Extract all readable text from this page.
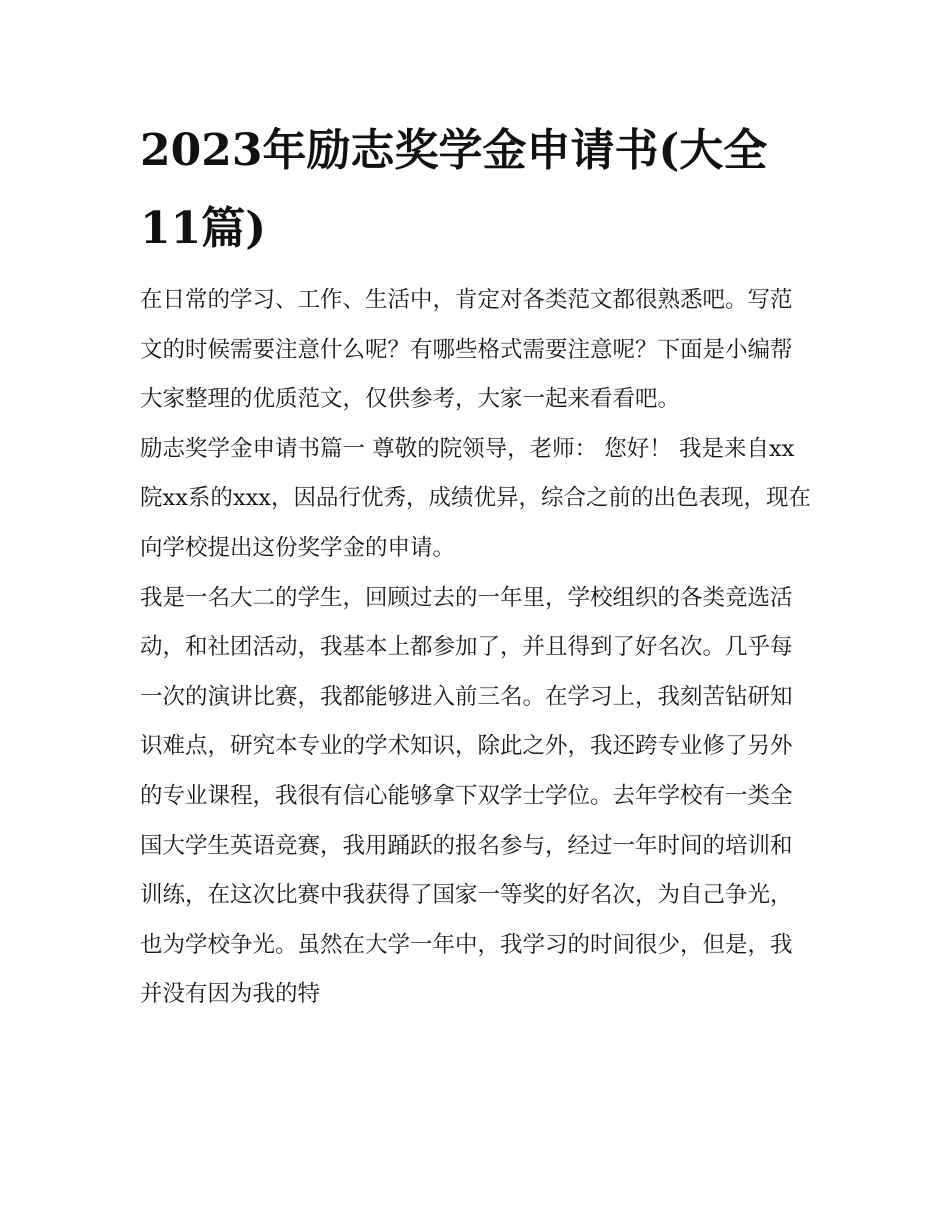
2023年励志奖学金申请书(大全11篇)

在日常的学习、工作、生活中，肯定对各类范文都很熟悉吧。写范文的时候需要注意什么呢？有哪些格式需要注意呢？下面是小编帮大家整理的优质范文，仅供参考，大家一起来看看吧。

励志奖学金申请书篇一 尊敬的院领导，老师： 您好！ 我是来自xx院xx系的xxx，因品行优秀，成绩优异，综合之前的出色表现，现在向学校提出这份奖学金的申请。

我是一名大二的学生，回顾过去的一年里，学校组织的各类竞选活动，和社团活动，我基本上都参加了，并且得到了好名次。几乎每一次的演讲比赛，我都能够进入前三名。在学习上，我刻苦钻研知识难点，研究本专业的学术知识，除此之外，我还跨专业修了另外的专业课程，我很有信心能够拿下双学士学位。去年学校有一类全国大学生英语竞赛，我用踊跃的报名参与，经过一年时间的培训和训练，在这次比赛中我获得了国家一等奖的好名次，为自己争光，也为学校争光。虽然在大学一年中，我学习的时间很少，但是，我并没有因为我的特
